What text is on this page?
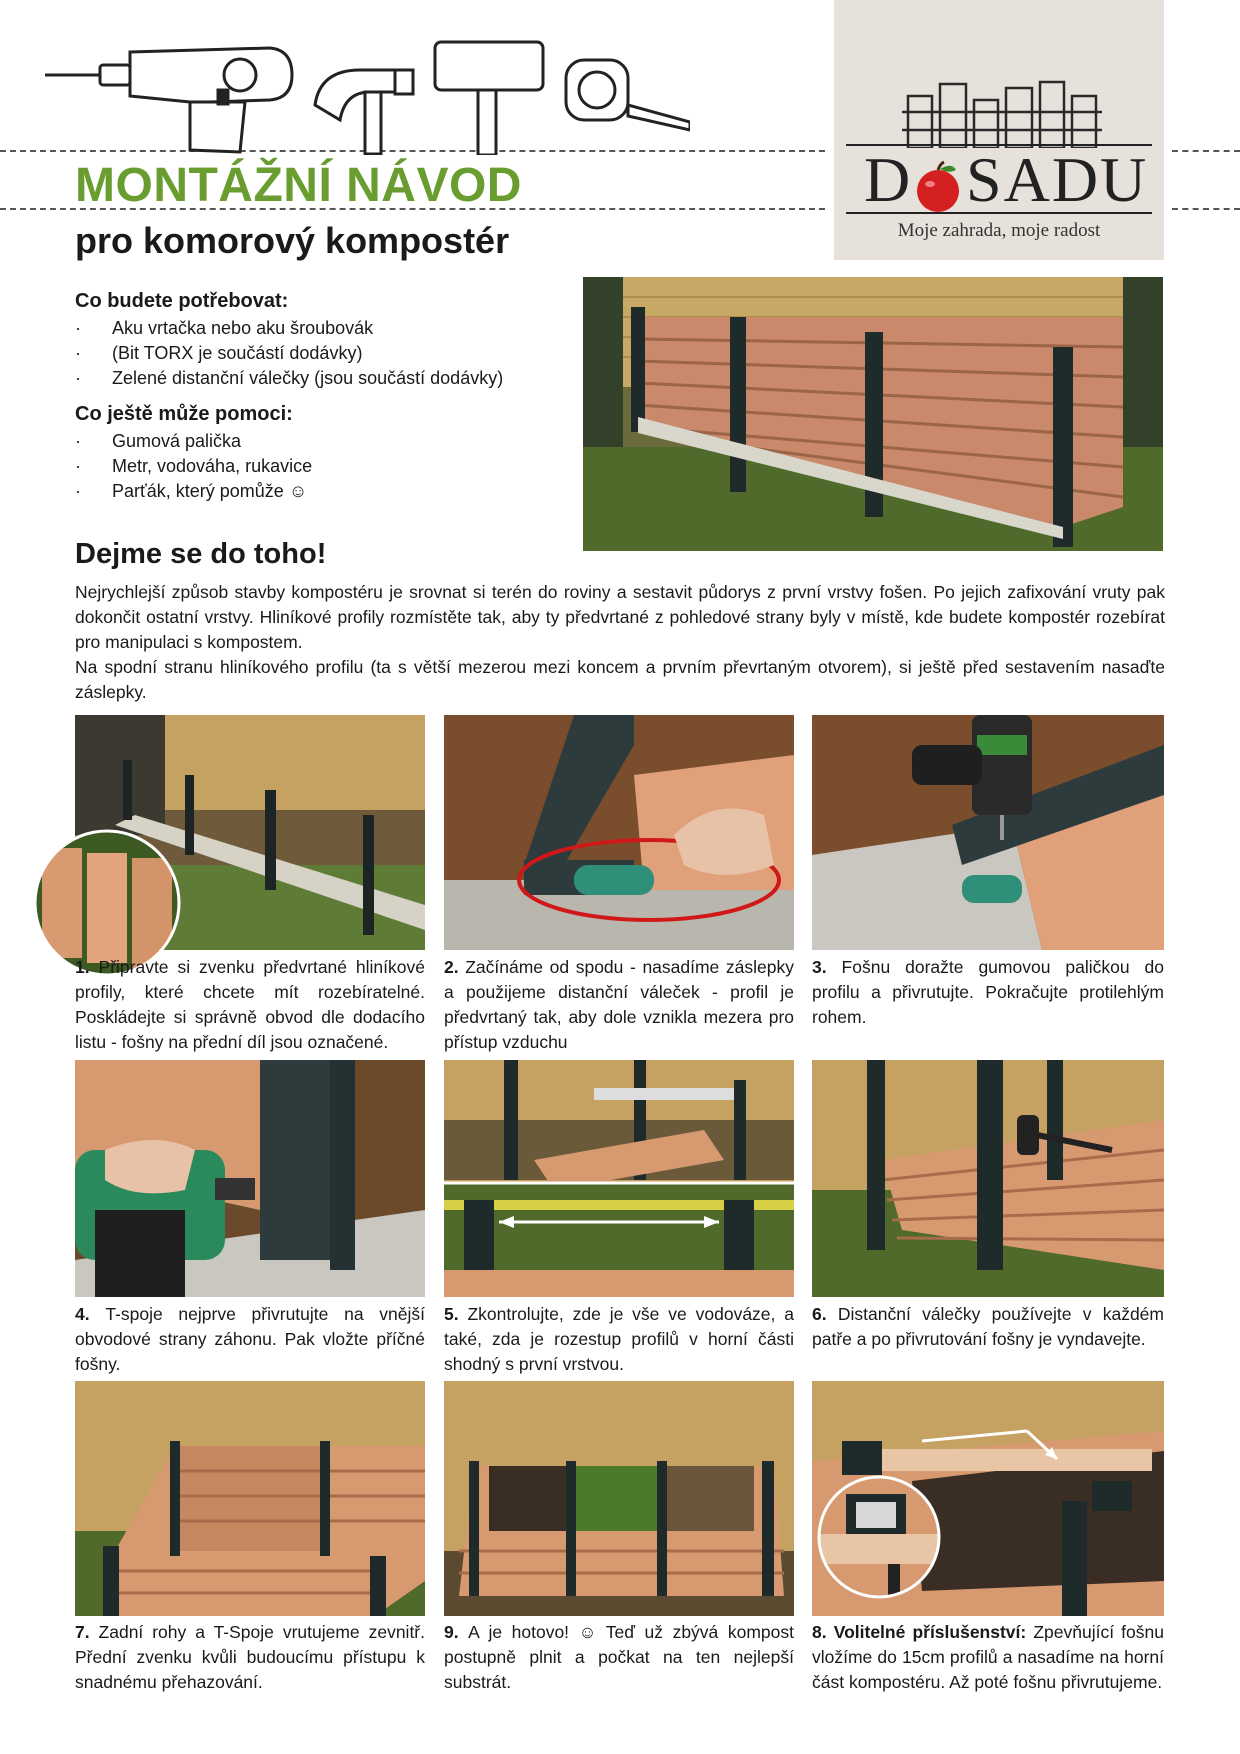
D SADU
Moje zahrada, moje radost
MONTÁŽNÍ NÁVOD
pro komorový kompostér
Co budete potřebovat:
· Aku vrtačka nebo aku šroubovák
· (Bit TORX je součástí dodávky)
· Zelené distanční válečky (jsou součástí dodávky)
Co ještě může pomoci:
· Gumová palička
· Metr, vodováha, rukavice
· Parťák, který pomůže ☺
Dejme se do toho!

Nejrychlejší způsob stavby kompostéru je srovnat si terén do roviny a sestavit půdorys z první vrstvy fošen. Po jejich zafixování vruty pak dokončit ostatní vrstvy. Hliníkové profily rozmístěte tak, aby ty předvrtané z pohledové strany byly v místě, kde budete kompostér rozebírat pro manipulaci s kompostem.

Na spodní stranu hliníkového profilu (ta s větší mezerou mezi koncem a prvním převrtaným otvorem), si ještě před sestavením nasaďte záslepky.

1. Připravte si zvenku předvrtané hliníkové profily, které chcete mít rozebíratelné. Poskládejte si správně obvod dle dodacího listu - fošny na přední díl jsou označené.
2. Začínáme od spodu - nasadíme záslepky a použijeme distanční váleček - profil je předvrtaný tak, aby dole vznikla mezera pro přístup vzduchu
3. Fošnu doražte gumovou paličkou do profilu a přivrutujte. Pokračujte protilehlým rohem.
4. T-spoje nejprve přivrutujte na vnější obvodové strany záhonu. Pak vložte příčné fošny.
5. Zkontrolujte, zde je vše ve vodováze, a také, zda je rozestup profilů v horní části shodný s první vrstvou.
6. Distanční válečky používejte v každém patře a po přivrutování fošny je vyndavejte.
7. Zadní rohy a T-Spoje vrutujeme zevnitř. Přední zvenku kvůli budoucímu přístupu k snadnému přehazování.
9. A je hotovo! ☺ Teď už zbývá kompost postupně plnit a počkat na ten nejlepší substrát.
8. Volitelné příslušenství: Zpevňující fošnu vložíme do 15cm profilů a nasadíme na horní část kompostéru. Až poté fošnu přivrutujeme.
